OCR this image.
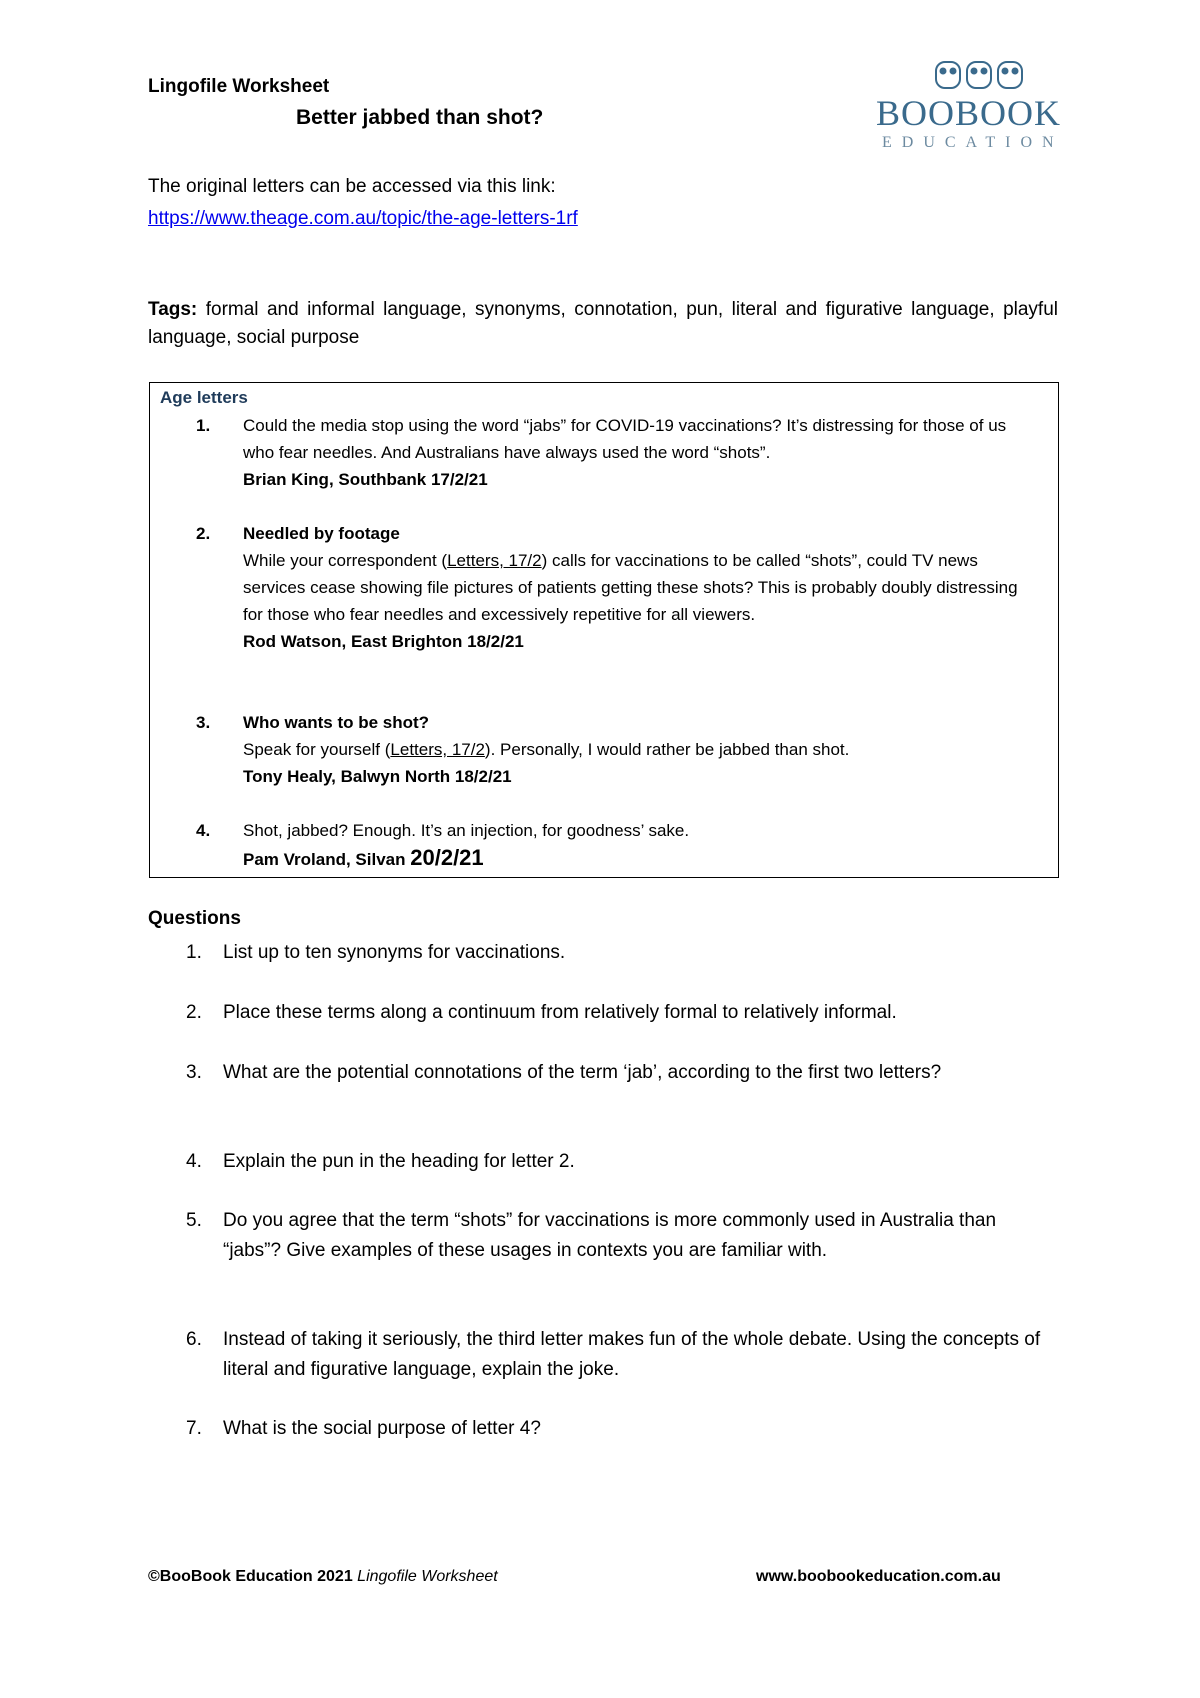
Lingofile Worksheet
Better jabbed than shot?	BOOBOOK
EDUCATION
The original letters can be accessed via this link:
https://www.theage.com.au/topic/the-age-letters-1rf
Tags: formal and informal language, synonyms, connotation, pun, literal and figurative language, playful language, social purpose
Age letters
1. Could the media stop using the word “jabs” for COVID-19 vaccinations? It’s distressing for those of us who fear needles. And Australians have always used the word “shots”.
Brian King, Southbank 17/2/21
2. Needled by footage
While your correspondent (Letters, 17/2) calls for vaccinations to be called “shots”, could TV news services cease showing file pictures of patients getting these shots? This is probably doubly distressing for those who fear needles and excessively repetitive for all viewers.
Rod Watson, East Brighton 18/2/21
3. Who wants to be shot?
Speak for yourself (Letters, 17/2). Personally, I would rather be jabbed than shot.
Tony Healy, Balwyn North 18/2/21
4. Shot, jabbed? Enough. It’s an injection, for goodness’ sake.
Pam Vroland, Silvan 20/2/21
Questions
1. List up to ten synonyms for vaccinations.
2. Place these terms along a continuum from relatively formal to relatively informal.
3. What are the potential connotations of the term ‘jab’, according to the first two letters?
4. Explain the pun in the heading for letter 2.
5. Do you agree that the term “shots” for vaccinations is more commonly used in Australia than “jabs”? Give examples of these usages in contexts you are familiar with.
6. Instead of taking it seriously, the third letter makes fun of the whole debate. Using the concepts of literal and figurative language, explain the joke.
7. What is the social purpose of letter 4?
©BooBook Education 2021 Lingofile Worksheet	www.boobookeducation.com.au
